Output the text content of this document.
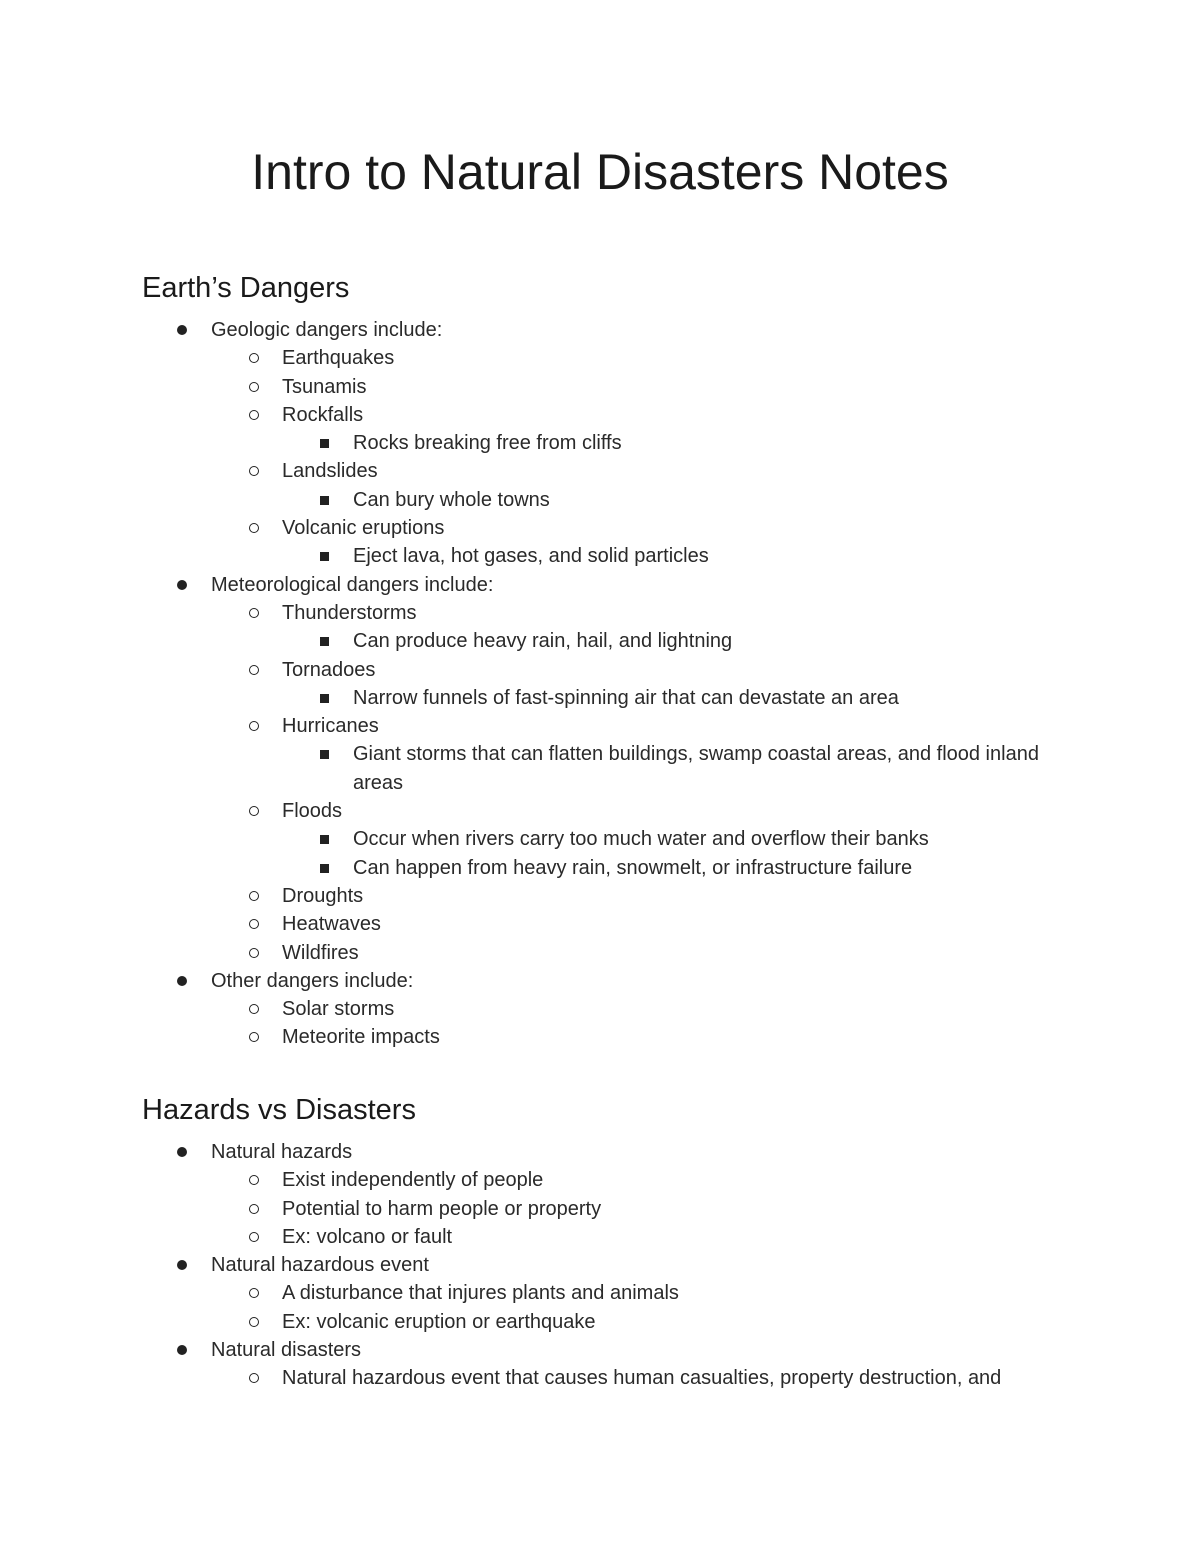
Intro to Natural Disasters Notes
Earth’s Dangers
Geologic dangers include:
Earthquakes
Tsunamis
Rockfalls
Rocks breaking free from cliffs
Landslides
Can bury whole towns
Volcanic eruptions
Eject lava, hot gases, and solid particles
Meteorological dangers include:
Thunderstorms
Can produce heavy rain, hail, and lightning
Tornadoes
Narrow funnels of fast-spinning air that can devastate an area
Hurricanes
Giant storms that can flatten buildings, swamp coastal areas, and flood inland areas
Floods
Occur when rivers carry too much water and overflow their banks
Can happen from heavy rain, snowmelt, or infrastructure failure
Droughts
Heatwaves
Wildfires
Other dangers include:
Solar storms
Meteorite impacts
Hazards vs Disasters
Natural hazards
Exist independently of people
Potential to harm people or property
Ex: volcano or fault
Natural hazardous event
A disturbance that injures plants and animals
Ex: volcanic eruption or earthquake
Natural disasters
Natural hazardous event that causes human casualties, property destruction, and
